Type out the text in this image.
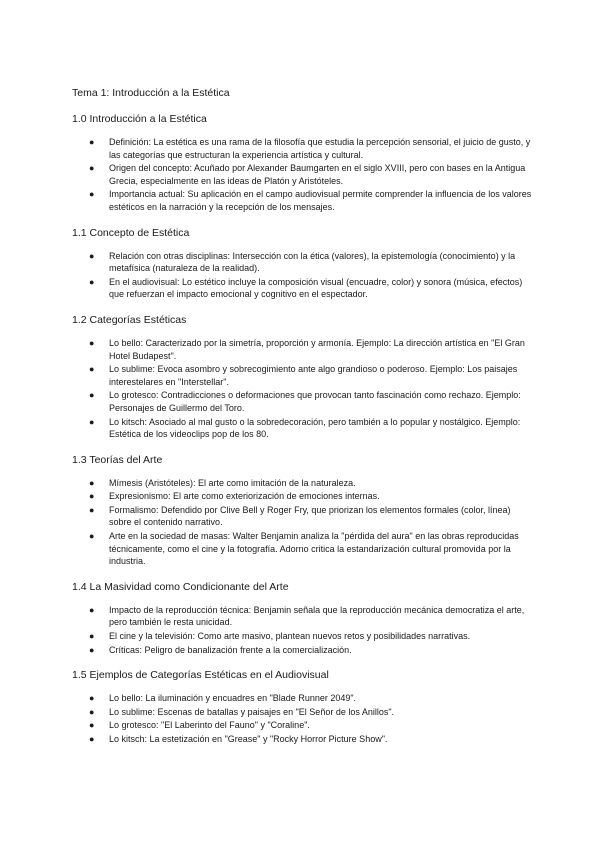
Tema 1: Introducción a la Estética
1.0 Introducción a la Estética
● Definición: La estética es una rama de la filosofía que estudia la percepción sensorial, el juicio de gusto, y las categorías que estructuran la experiencia artística y cultural.
● Origen del concepto: Acuñado por Alexander Baumgarten en el siglo XVIII, pero con bases en la Antigua Grecia, especialmente en las ideas de Platón y Aristóteles.
● Importancia actual: Su aplicación en el campo audiovisual permite comprender la influencia de los valores estéticos en la narración y la recepción de los mensajes.
1.1 Concepto de Estética
● Relación con otras disciplinas: Intersección con la ética (valores), la epistemología (conocimiento) y la metafísica (naturaleza de la realidad).
● En el audiovisual: Lo estético incluye la composición visual (encuadre, color) y sonora (música, efectos) que refuerzan el impacto emocional y cognitivo en el espectador.
1.2 Categorías Estéticas
● Lo bello: Caracterizado por la simetría, proporción y armonía. Ejemplo: La dirección artística en "El Gran Hotel Budapest".
● Lo sublime: Evoca asombro y sobrecogimiento ante algo grandioso o poderoso. Ejemplo: Los paisajes interestelares en "Interstellar".
● Lo grotesco: Contradicciones o deformaciones que provocan tanto fascinación como rechazo. Ejemplo: Personajes de Guillermo del Toro.
● Lo kitsch: Asociado al mal gusto o la sobredecoración, pero también a lo popular y nostálgico. Ejemplo: Estética de los videoclips pop de los 80.
1.3 Teorías del Arte
● Mímesis (Aristóteles): El arte como imitación de la naturaleza.
● Expresionismo: El arte como exteriorización de emociones internas.
● Formalismo: Defendido por Clive Bell y Roger Fry, que priorizan los elementos formales (color, línea) sobre el contenido narrativo.
● Arte en la sociedad de masas: Walter Benjamin analiza la "pérdida del aura" en las obras reproducidas técnicamente, como el cine y la fotografía. Adorno critica la estandarización cultural promovida por la industria.
1.4 La Masividad como Condicionante del Arte
● Impacto de la reproducción técnica: Benjamin señala que la reproducción mecánica democratiza el arte, pero también le resta unicidad.
● El cine y la televisión: Como arte masivo, plantean nuevos retos y posibilidades narrativas.
● Críticas: Peligro de banalización frente a la comercialización.
1.5 Ejemplos de Categorías Estéticas en el Audiovisual
● Lo bello: La iluminación y encuadres en "Blade Runner 2049".
● Lo sublime: Escenas de batallas y paisajes en "El Señor de los Anillos".
● Lo grotesco: "El Laberinto del Fauno" y "Coraline".
● Lo kitsch: La estetización en "Grease" y "Rocky Horror Picture Show".
